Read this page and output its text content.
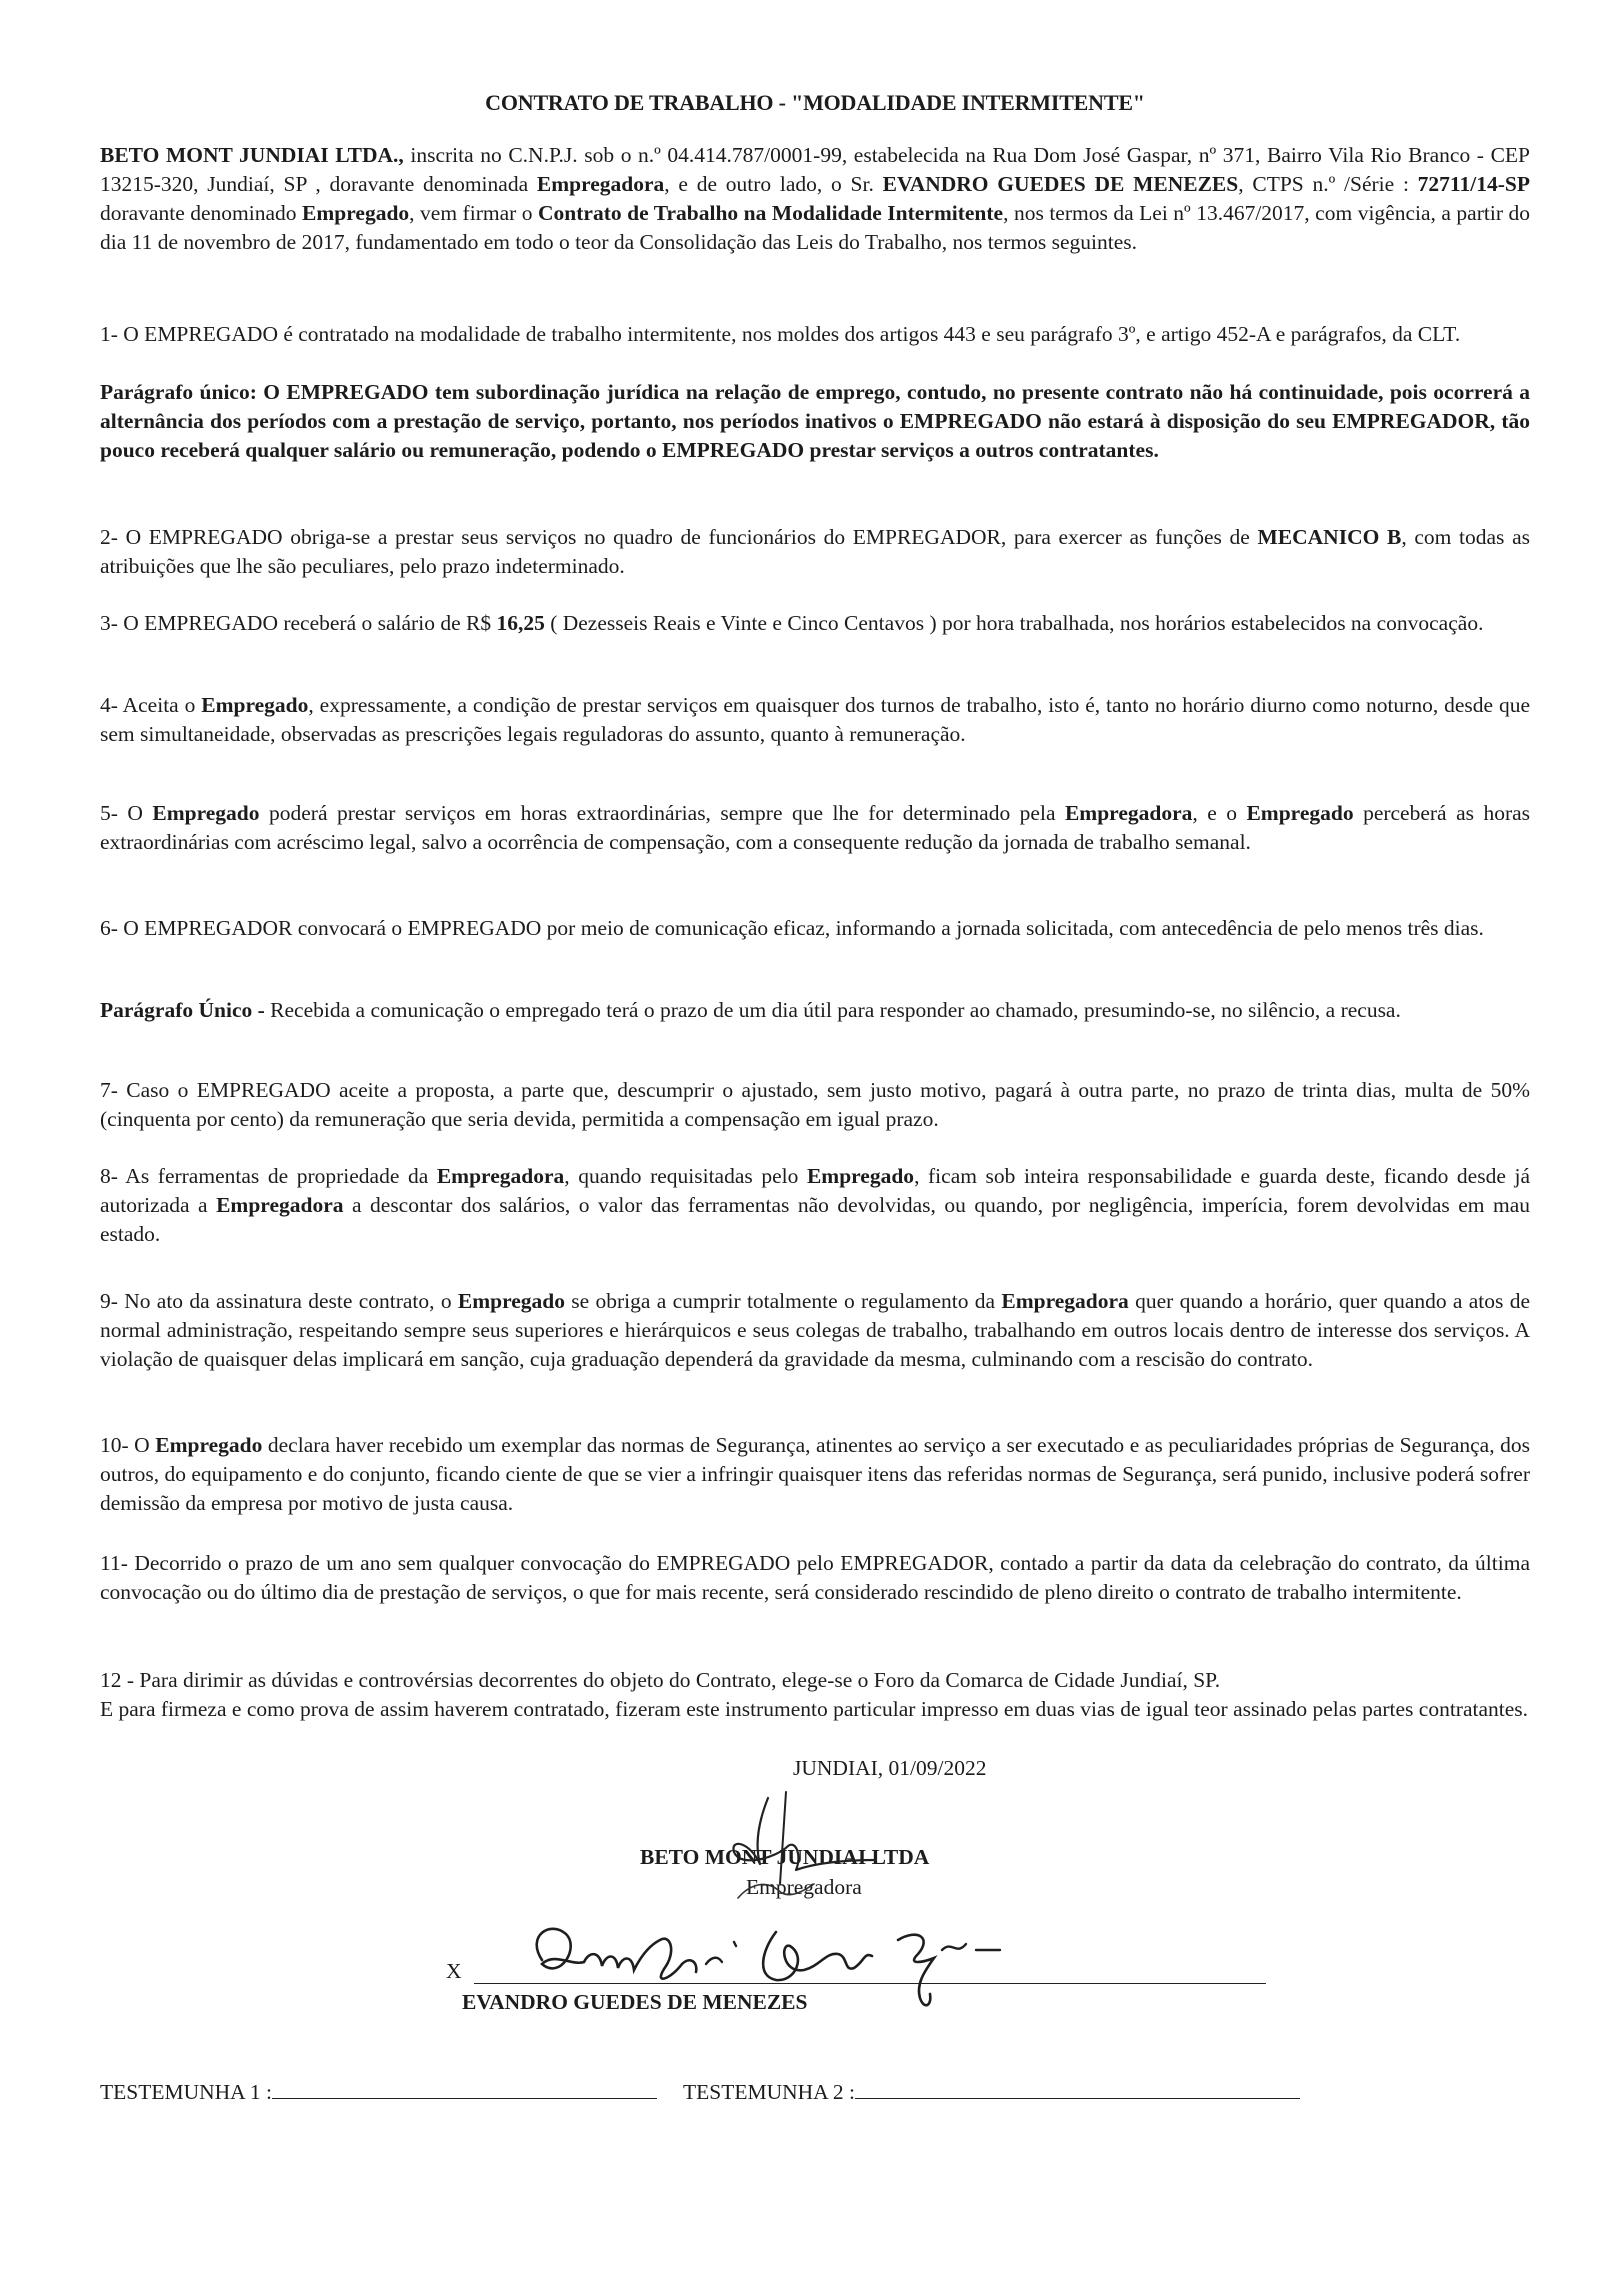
CONTRATO DE TRABALHO - "MODALIDADE INTERMITENTE"

BETO MONT JUNDIAI LTDA., inscrita no C.N.P.J. sob o n.º 04.414.787/0001-99, estabelecida na Rua Dom José Gaspar, nº 371, Bairro Vila Rio Branco - CEP 13215-320, Jundiaí, SP , doravante denominada Empregadora, e de outro lado, o Sr. EVANDRO GUEDES DE MENEZES, CTPS n.º /Série : 72711/14-SP doravante denominado Empregado, vem firmar o Contrato de Trabalho na Modalidade Intermitente, nos termos da Lei nº 13.467/2017, com vigência, a partir do dia 11 de novembro de 2017, fundamentado em todo o teor da Consolidação das Leis do Trabalho, nos termos seguintes.

1- O EMPREGADO é contratado na modalidade de trabalho intermitente, nos moldes dos artigos 443 e seu parágrafo 3º, e artigo 452-A e parágrafos, da CLT.

Parágrafo único: O EMPREGADO tem subordinação jurídica na relação de emprego, contudo, no presente contrato não há continuidade, pois ocorrerá a alternância dos períodos com a prestação de serviço, portanto, nos períodos inativos o EMPREGADO não estará à disposição do seu EMPREGADOR, tão pouco receberá qualquer salário ou remuneração, podendo o EMPREGADO prestar serviços a outros contratantes.

2- O EMPREGADO obriga-se a prestar seus serviços no quadro de funcionários do EMPREGADOR, para exercer as funções de MECANICO B, com todas as atribuições que lhe são peculiares, pelo prazo indeterminado.

3- O EMPREGADO receberá o salário de R$ 16,25 ( Dezesseis Reais e Vinte e Cinco Centavos ) por hora trabalhada, nos horários estabelecidos na convocação.

4- Aceita o Empregado, expressamente, a condição de prestar serviços em quaisquer dos turnos de trabalho, isto é, tanto no horário diurno como noturno, desde que sem simultaneidade, observadas as prescrições legais reguladoras do assunto, quanto à remuneração.

5- O Empregado poderá prestar serviços em horas extraordinárias, sempre que lhe for determinado pela Empregadora, e o Empregado perceberá as horas extraordinárias com acréscimo legal, salvo a ocorrência de compensação, com a consequente redução da jornada de trabalho semanal.

6- O EMPREGADOR convocará o EMPREGADO por meio de comunicação eficaz, informando a jornada solicitada, com antecedência de pelo menos três dias.

Parágrafo Único - Recebida a comunicação o empregado terá o prazo de um dia útil para responder ao chamado, presumindo-se, no silêncio, a recusa.

7- Caso o EMPREGADO aceite a proposta, a parte que, descumprir o ajustado, sem justo motivo, pagará à outra parte, no prazo de trinta dias, multa de 50% (cinquenta por cento) da remuneração que seria devida, permitida a compensação em igual prazo.

8- As ferramentas de propriedade da Empregadora, quando requisitadas pelo Empregado, ficam sob inteira responsabilidade e guarda deste, ficando desde já autorizada a Empregadora a descontar dos salários, o valor das ferramentas não devolvidas, ou quando, por negligência, imperícia, forem devolvidas em mau estado.

9- No ato da assinatura deste contrato, o Empregado se obriga a cumprir totalmente o regulamento da Empregadora quer quando a horário, quer quando a atos de normal administração, respeitando sempre seus superiores e hierárquicos e seus colegas de trabalho, trabalhando em outros locais dentro de interesse dos serviços. A violação de quaisquer delas implicará em sanção, cuja graduação dependerá da gravidade da mesma, culminando com a rescisão do contrato.

10- O Empregado declara haver recebido um exemplar das normas de Segurança, atinentes ao serviço a ser executado e as peculiaridades próprias de Segurança, dos outros, do equipamento e do conjunto, ficando ciente de que se vier a infringir quaisquer itens das referidas normas de Segurança, será punido, inclusive poderá sofrer demissão da empresa por motivo de justa causa.

11- Decorrido o prazo de um ano sem qualquer convocação do EMPREGADO pelo EMPREGADOR, contado a partir da data da celebração do contrato, da última convocação ou do último dia de prestação de serviços, o que for mais recente, será considerado rescindido de pleno direito o contrato de trabalho intermitente.

12 - Para dirimir as dúvidas e controvérsias decorrentes do objeto do Contrato, elege-se o Foro da Comarca de Cidade Jundiaí, SP.

E para firmeza e como prova de assim haverem contratado, fizeram este instrumento particular impresso em duas vias de igual teor assinado pelas partes contratantes.

JUNDIAI, 01/09/2022

BETO MONT JUNDIAI LTDA

Empregadora

X

EVANDRO GUEDES DE MENEZES

TESTEMUNHA 1 :	TESTEMUNHA 2 :
